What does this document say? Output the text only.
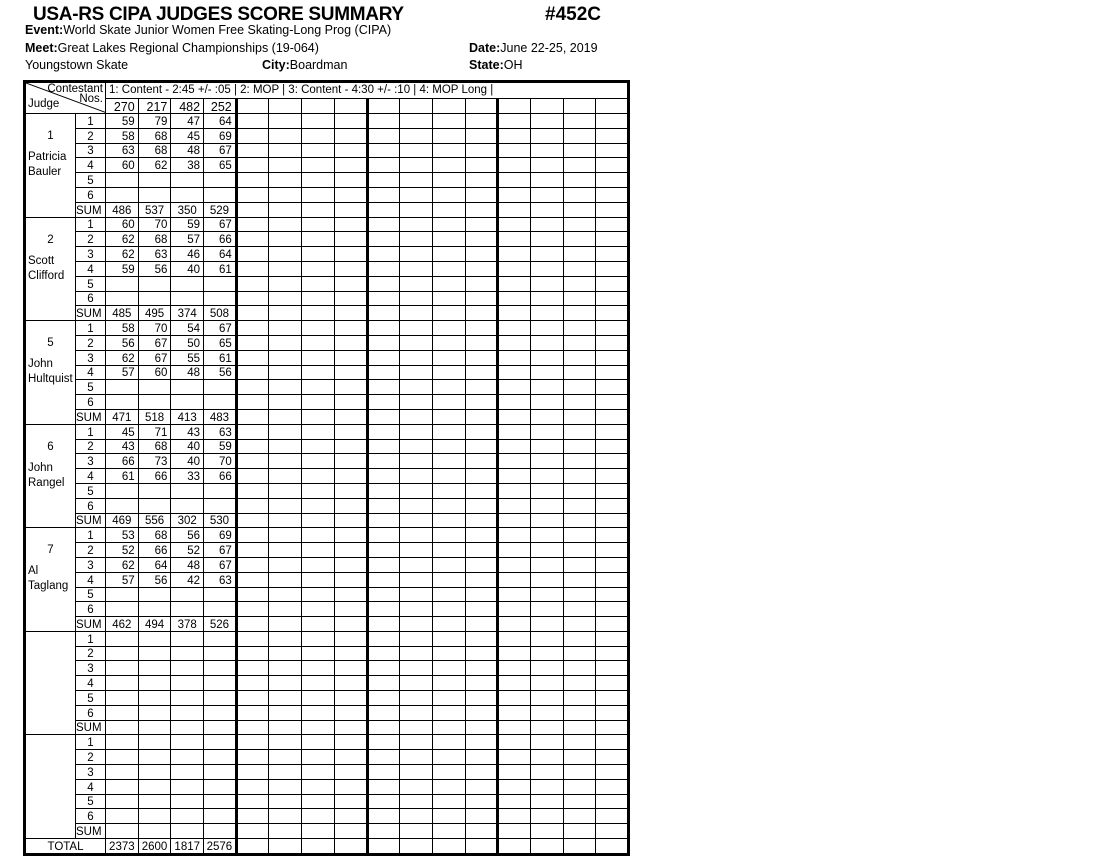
USA-RS CIPA JUDGES SCORE SUMMARY	#452C
Event:World Skate Junior Women Free Skating-Long Prog (CIPA)
Meet:Great Lakes Regional Championships (19-064)	Date:June 22-25, 2019
Youngstown Skate	City:Boardman	State:OH
Contestant
Nos.
Judge		1: Content - 2:45 +/- :05 | 2: MOP | 3: Content - 4:30 +/- :10 | 4: MOP Long |															
		270	217	482	252												

1
Patricia Bauler	1	59	79	47	64												
	2	58	68	45	69												
	3	63	68	48	67												
	4	60	62	38	65												
	5																
	6																
	SUM	486	537	350	529												

2
Scott Clifford	1	60	70	59	67												
	2	62	68	57	66												
	3	62	63	46	64												
	4	59	56	40	61												
	5																
	6																
	SUM	485	495	374	508												

5
John Hultquist	1	58	70	54	67												
	2	56	67	50	65												
	3	62	67	55	61												
	4	57	60	48	56												
	5																
	6																
	SUM	471	518	413	483												

6
John Rangel	1	45	71	43	63												
	2	43	68	40	59												
	3	66	73	40	70												
	4	61	66	33	66												
	5																
	6																
	SUM	469	556	302	530												

7
Al Taglang	1	53	68	56	69												
	2	52	66	52	67												
	3	62	64	48	67												
	4	57	56	42	63												
	5																
	6																
	SUM	462	494	378	526												

	1																
	2																
	3																
	4																
	5																
	6																
	SUM																

	1																
	2																
	3																
	4																
	5																
	6																
	SUM																
TOTAL		2373	2600	1817	2576												
